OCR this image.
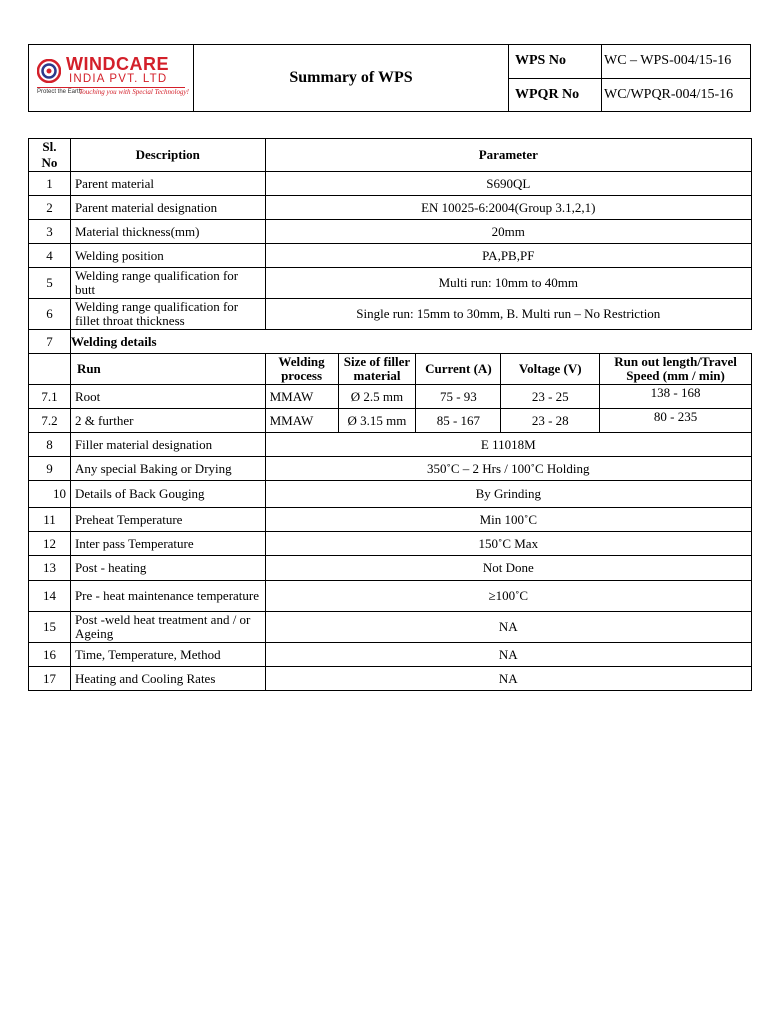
WINDCARE
INDIA PVT. LTD
Protect the Earth
Touching you with Special Technology!	Summary of WPS	WPS No	WC – WPS-004/15-16
		WPQR No	WC/WPQR-004/15-16
Sl. No	Description	Parameter				
1	Parent material	S690QL				
2	Parent material designation	EN 10025-6:2004(Group 3.1,2,1)				
3	Material thickness(mm)	20mm				
4	Welding position	PA,PB,PF				
5	Welding range qualification for butt	Multi run: 10mm to 40mm				
6	Welding range qualification for fillet throat thickness	Single run: 15mm to 30mm, B. Multi run – No Restriction				
7	Welding details					
	Run	Welding process	Size of filler material	Current (A)	Voltage (V)	Run out length/Travel Speed (mm / min)
7.1	Root	MMAW	Ø 2.5 mm	75 - 93	23 - 25	138 - 168
7.2	2 & further	MMAW	Ø 3.15 mm	85 - 167	23 - 28	80 - 235
8	Filler material designation	E 11018M				
9	Any special Baking or Drying	350˚C – 2 Hrs / 100˚C Holding				
10	Details of Back Gouging	By Grinding				
11	Preheat Temperature	Min 100˚C				
12	Inter pass Temperature	150˚C Max				
13	Post - heating	Not Done				
14	Pre - heat maintenance temperature	≥100˚C				
15	Post -weld heat treatment and / or Ageing	NA				
16	Time, Temperature, Method	NA				
17	Heating and Cooling Rates	NA				
